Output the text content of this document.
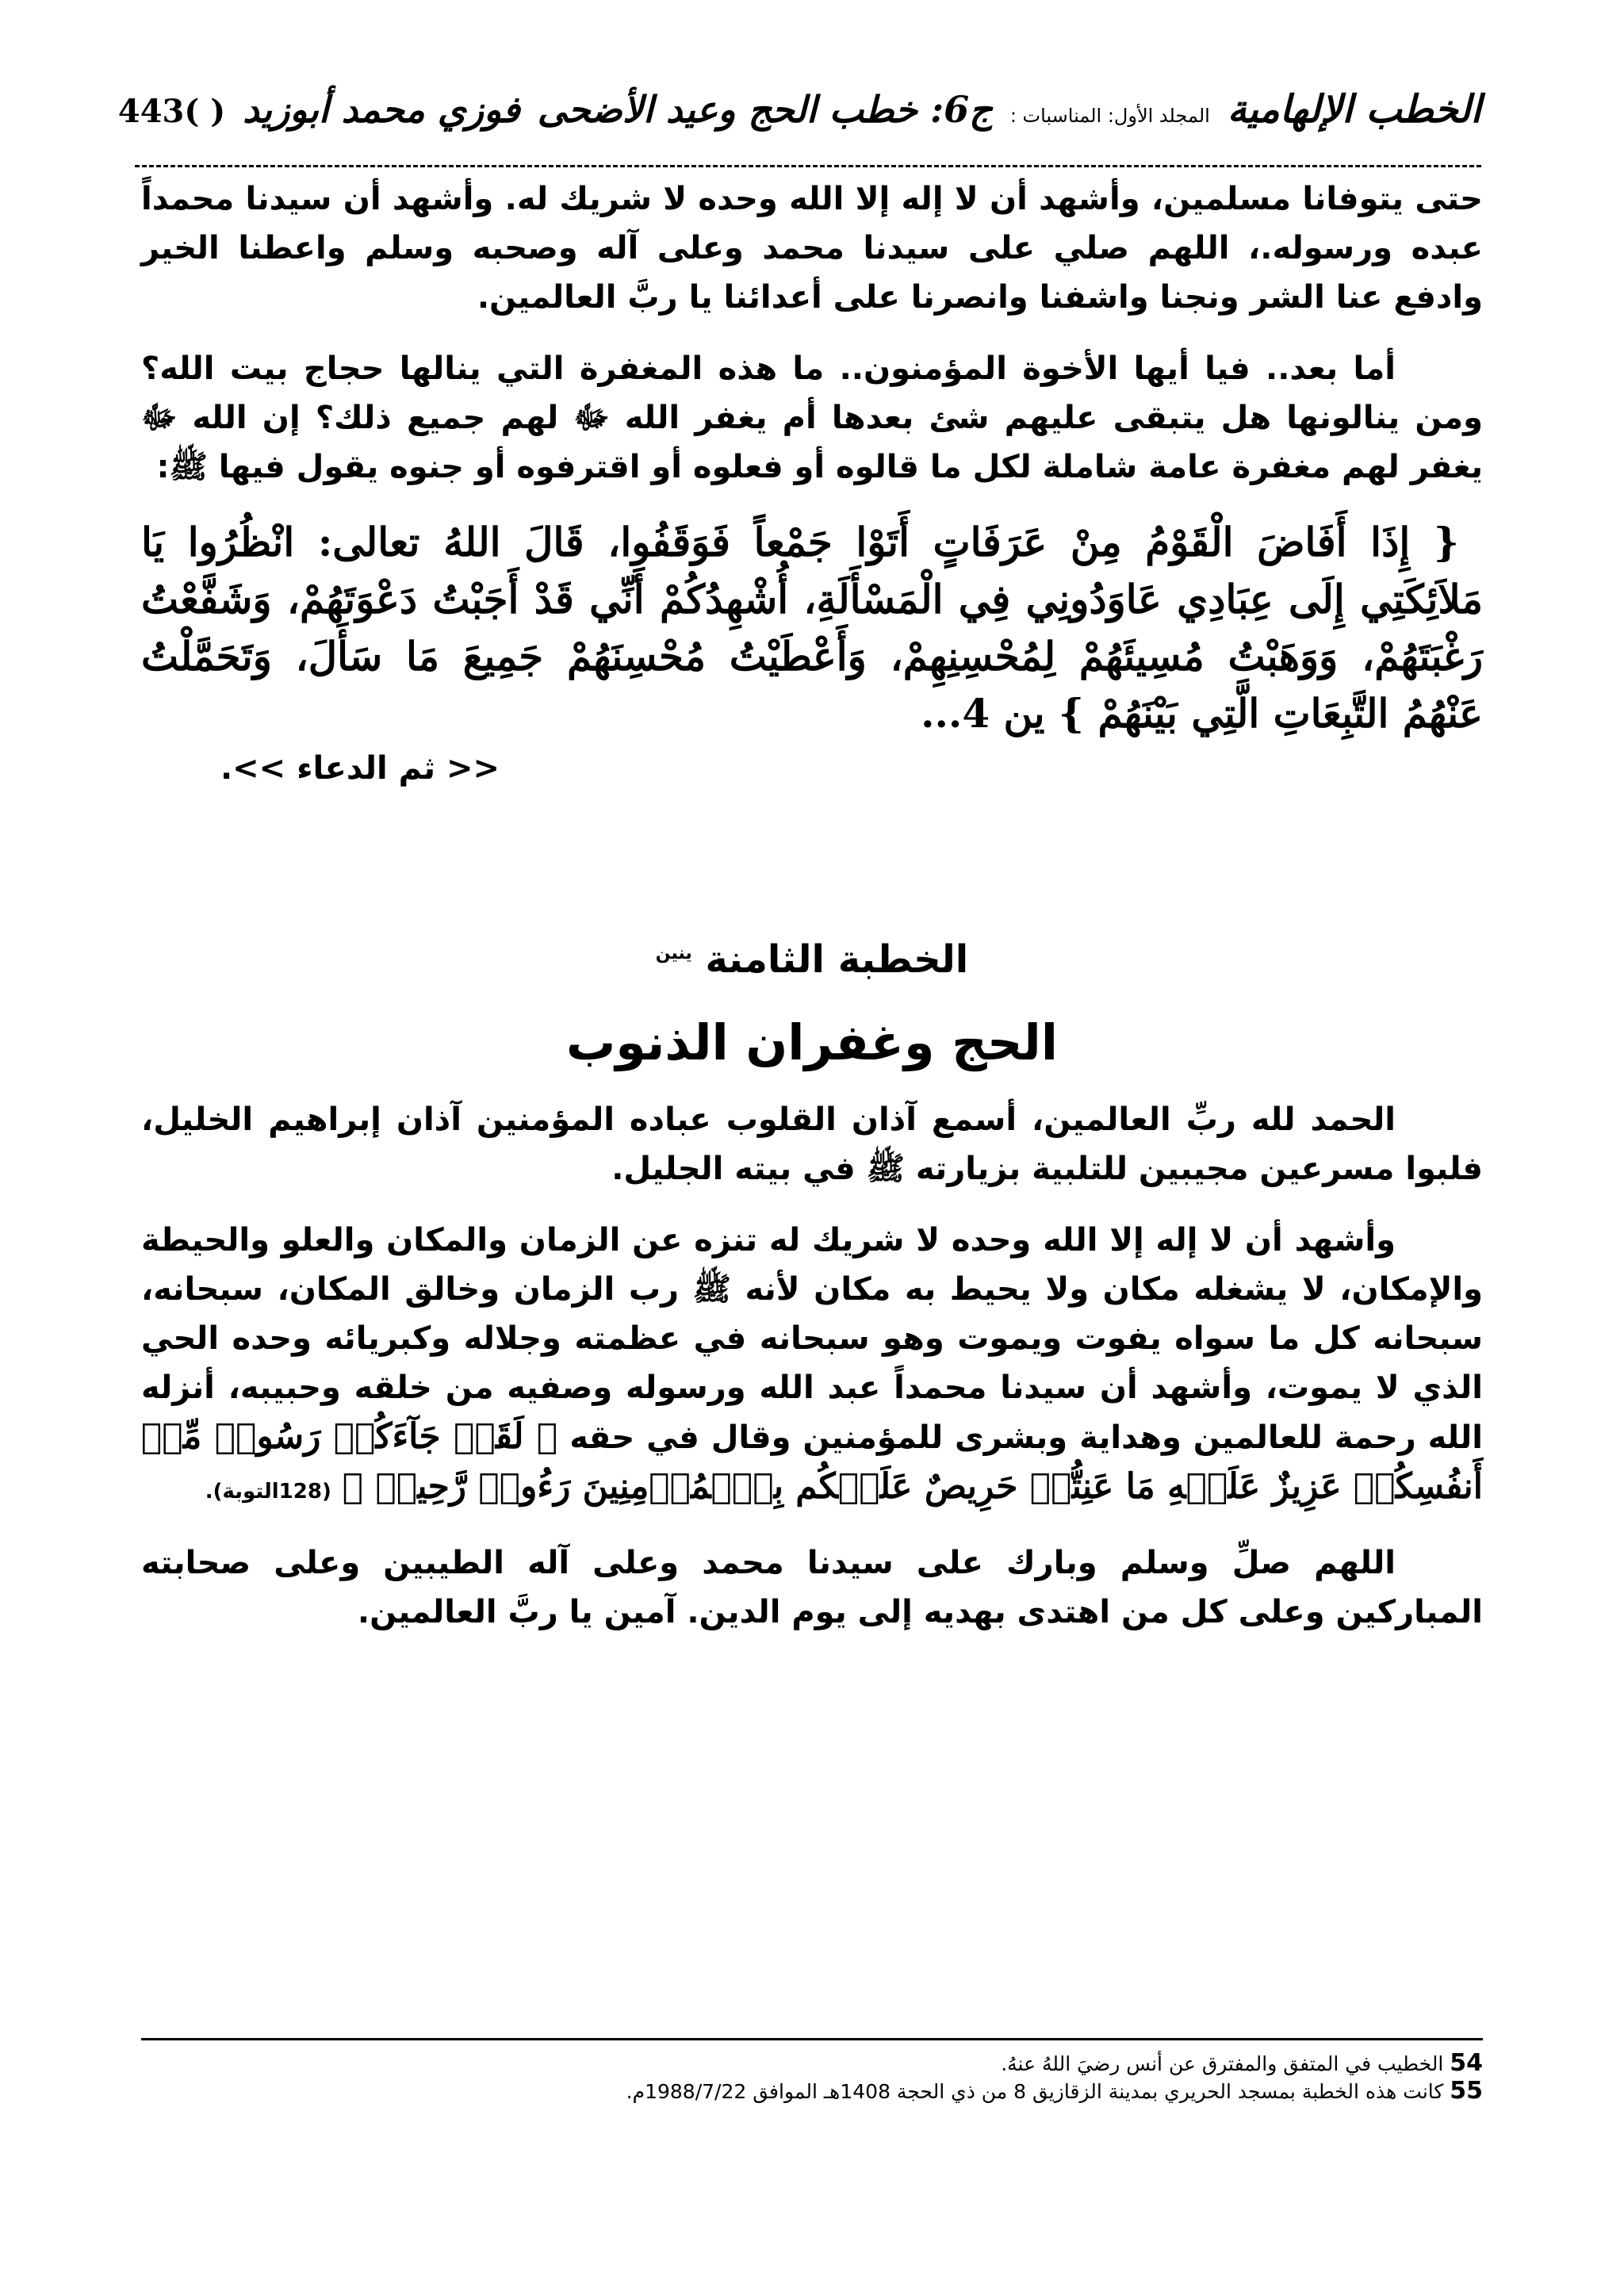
الخطب الإلهامية
المجلد الأول: المناسبات :
ج6: خطب الحج وعيد الأضحى
فوزي محمد أبوزيد
443( )

حتى يتوفانا مسلمين، وأشهد أن لا إله إلا الله وحده لا شريك له. وأشهد أن سيدنا محمداً عبده ورسوله.، اللهم صلي على سيدنا محمد وعلى آله وصحبه وسلم واعطنا الخير وادفع عنا الشر ونجنا واشفنا وانصرنا على أعدائنا يا ربَّ العالمين.

أما بعد.. فيا أيها الأخوة المؤمنون.. ما هذه المغفرة التي ينالها حجاج بيت الله؟ ومن ينالونها هل يتبقى عليهم شئ بعدها أم يغفر الله ﷻ لهم جميع ذلك؟ إن الله ﷻ يغفر لهم مغفرة عامة شاملة لكل ما قالوه أو فعلوه أو اقترفوه أو جنوه يقول فيها ﷺ:

{ إِذَا أَفَاضَ الْقَوْمُ مِنْ عَرَفَاتٍ أَتَوْا جَمْعاً فَوَقَفُوا، قَالَ اللهُ تعالى: انْظُرُوا يَا مَلاَئِكَتِي إِلَى عِبَادِي عَاوَدُونِي فِي الْمَسْأَلَةِ، أُشْهِدُكُمْ أَنِّي قَدْ أَجَبْتُ دَعْوَتَهُمْ، وَشَفَّعْتُ رَغْبَتَهُمْ، وَوَهَبْتُ مُسِيئَهُمْ لِمُحْسِنِهِمْ، وَأَعْطَيْتُ مُحْسِنَهُمْ جَمِيعَ مَا سَأَلَ، وَتَحَمَّلْتُ عَنْهُمُ التَّبِعَاتِ الَّتِي بَيْنَهُمْ } ين 4...

<< ثم الدعاء >>.

الخطبة الثامنة $^{ينين}$
الحج وغفران الذنوب

الحمد لله ربِّ العالمين، أسمع آذان القلوب عباده المؤمنين آذان إبراهيم الخليل، فلبوا مسرعين مجيبين للتلبية بزيارته ﷺ في بيته الجليل.

وأشهد أن لا إله إلا الله وحده لا شريك له تنزه عن الزمان والمكان والعلو والحيطة والإمكان، لا يشغله مكان ولا يحيط به مكان لأنه ﷺ رب الزمان وخالق المكان، سبحانه، سبحانه كل ما سواه يفوت ويموت وهو سبحانه في عظمته وجلاله وكبريائه وحده الحي الذي لا يموت، وأشهد أن سيدنا محمداً عبد الله ورسوله وصفيه من خلقه وحبيبه، أنزله الله رحمة للعالمين وهداية وبشرى للمؤمنين وقال في حقه ﴿ لَقَدۡ جَآءَكُمۡ رَسُولٞ مِّنۡ أَنفُسِكُمۡ عَزِيزٌ عَلَيۡهِ مَا عَنِتُّمۡ حَرِيصٌ عَلَيۡكُم بِٱلۡمُؤۡمِنِينَ رَءُوفٞ رَّحِيمٞ ﴾ (128التوبة).

اللهم صلِّ وسلم وبارك على سيدنا محمد وعلى آله الطيبين وعلى صحابته المباركين وعلى كل من اهتدى بهديه إلى يوم الدين. آمين يا ربَّ العالمين.

54 الخطيب في المتفق والمفترق عن أنس رضيَ اللهُ عنهُ.

55 كانت هذه الخطبة بمسجد الحريري بمدينة الزقازيق 8 من ذي الحجة 1408هـ الموافق 1988/7/22م.
